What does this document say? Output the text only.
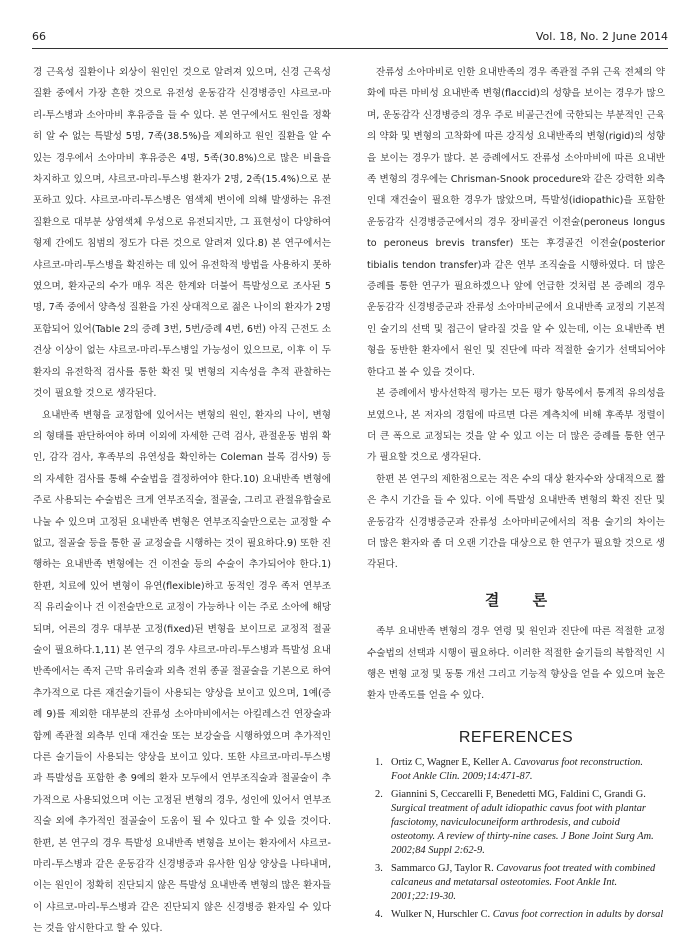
66	Vol. 18, No. 2 June 2014

경 근육성 질환이나 외상이 원인인 것으로 알려져 있으며, 신경 근육성 질환 중에서 가장 흔한 것으로 유전성 운동감각 신경병증인 샤르코-마리-투스병과 소아마비 후유증을 들 수 있다. 본 연구에서도 원인을 정확히 알 수 없는 특발성 5명, 7족(38.5%)을 제외하고 원인 질환을 알 수 있는 경우에서 소아마비 후유증은 4명, 5족(30.8%)으로 많은 비율을 차지하고 있으며, 샤르코-마리-투스병 환자가 2명, 2족(15.4%)으로 분포하고 있다. 샤르코-마리-투스병은 염색체 변이에 의해 발생하는 유전 질환으로 대부분 상염색체 우성으로 유전되지만, 그 표현성이 다양하여 형제 간에도 침범의 정도가 다른 것으로 알려져 있다.8) 본 연구에서는 샤르코-마리-투스병을 확진하는 데 있어 유전학적 방법을 사용하지 못하였으며, 환자군의 수가 매우 적은 한계와 더불어 특발성으로 조사된 5명, 7족 중에서 양측성 질환을 가진 상대적으로 젊은 나이의 환자가 2명 포함되어 있어(Table 2의 증례 3번, 5번/증례 4번, 6번) 아직 근전도 소견상 이상이 없는 샤르코-마리-투스병일 가능성이 있으므로, 이후 이 두 환자의 유전학적 검사를 통한 확진 및 변형의 지속성을 추적 관찰하는 것이 필요할 것으로 생각된다.

요내반족 변형을 교정함에 있어서는 변형의 원인, 환자의 나이, 변형의 형태를 판단하여야 하며 이외에 자세한 근력 검사, 관절운동 범위 확인, 감각 검사, 후족부의 유연성을 확인하는 Coleman 블록 검사9) 등의 자세한 검사를 통해 수술법을 결정하여야 한다.10) 요내반족 변형에 주로 사용되는 수술법은 크게 연부조직술, 절골술, 그리고 관절유합술로 나눌 수 있으며 고정된 요내반족 변형은 연부조직술만으로는 교정할 수 없고, 절골술 등을 통한 골 교정술을 시행하는 것이 필요하다.9) 또한 진행하는 요내반족 변형에는 건 이전술 등의 수술이 추가되어야 한다.1) 한편, 치료에 있어 변형이 유연(flexible)하고 동적인 경우 족저 연부조직 유리술이나 건 이전술만으로 교정이 가능하나 이는 주로 소아에 해당되며, 어른의 경우 대부분 고정(fixed)된 변형을 보이므로 교정적 절골술이 필요하다.1,11) 본 연구의 경우 샤르코-마리-투스병과 특발성 요내반족에서는 족저 근막 유리술과 외측 전위 종골 절골술을 기본으로 하여 추가적으로 다른 재건술기들이 사용되는 양상을 보이고 있으며, 1예(증례 9)를 제외한 대부분의 잔류성 소아마비에서는 아킬레스건 연장술과 함께 족관절 외측부 인대 재건술 또는 보강술을 시행하였으며 추가적인 다른 술기들이 사용되는 양상을 보이고 있다. 또한 샤르코-마리-투스병과 특발성을 포함한 총 9예의 환자 모두에서 연부조직술과 절골술이 추가적으로 사용되었으며 이는 고정된 변형의 경우, 성인에 있어서 연부조직술 외에 추가적인 절골술이 도움이 될 수 있다고 할 수 있을 것이다. 한편, 본 연구의 경우 특발성 요내반족 변형을 보이는 환자에서 샤르코-마리-투스병과 같은 운동감각 신경병증과 유사한 임상 양상을 나타내며, 이는 원인이 정확히 진단되지 않은 특발성 요내반족 변형의 많은 환자들이 샤르코-마리-투스병과 같은 진단되지 않은 신경병증 환자일 수 있다는 것을 암시한다고 할 수 있다.

잔류성 소아마비로 인한 요내반족의 경우 족관절 주위 근육 전체의 약화에 따른 마비성 요내반족 변형(flaccid)의 성향을 보이는 경우가 많으며, 운동감각 신경병증의 경우 주로 비골근건에 국한되는 부분적인 근육의 약화 및 변형의 고착화에 따른 강직성 요내반족의 변형(rigid)의 성향을 보이는 경우가 많다. 본 증례에서도 잔류성 소아마비에 따른 요내반족 변형의 경우에는 Chrisman-Snook procedure와 같은 강력한 외측 인대 재건술이 필요한 경우가 많았으며, 특발성(idiopathic)을 포함한 운동감각 신경병증군에서의 경우 장비골건 이전술(peroneus longus to peroneus brevis transfer) 또는 후경골건 이전술(posterior tibialis tendon transfer)과 같은 연부 조직술을 시행하였다. 더 많은 증례를 통한 연구가 필요하겠으나 앞에 언급한 것처럼 본 증례의 경우 운동감각 신경병증군과 잔류성 소아마비군에서 요내반족 교정의 기본적인 술기의 선택 및 접근이 달라질 것을 알 수 있는데, 이는 요내반족 변형을 동반한 환자에서 원인 및 진단에 따라 적절한 술기가 선택되어야 한다고 볼 수 있을 것이다.

본 증례에서 방사선학적 평가는 모든 평가 항목에서 통계적 유의성을 보였으나, 본 저자의 경험에 따르면 다른 계측치에 비해 후족부 정렬이 더 큰 폭으로 교정되는 것을 알 수 있고 이는 더 많은 증례를 통한 연구가 필요할 것으로 생각된다.

한편 본 연구의 제한점으로는 적은 수의 대상 환자수와 상대적으로 짧은 추시 기간을 들 수 있다. 이에 특발성 요내반족 변형의 확진 진단 및 운동감각 신경병증군과 잔류성 소아마비군에서의 적용 술기의 차이는 더 많은 환자와 좀 더 오랜 기간을 대상으로 한 연구가 필요할 것으로 생각된다.

결 론

족부 요내반족 변형의 경우 연령 및 원인과 진단에 따른 적절한 교정 수술법의 선택과 시행이 필요하다. 이러한 적절한 술기들의 복합적인 시행은 변형 교정 및 동통 개선 그리고 기능적 향상을 얻을 수 있으며 높은 환자 만족도를 얻을 수 있다.

REFERENCES
1. Ortiz C, Wagner E, Keller A. Cavovarus foot reconstruction. Foot Ankle Clin. 2009;14:471-87.
2. Giannini S, Ceccarelli F, Benedetti MG, Faldini C, Grandi G. Surgical treatment of adult idiopathic cavus foot with plantar fasciotomy, naviculocuneiform arthrodesis, and cuboid osteotomy. A review of thirty-nine cases. J Bone Joint Surg Am. 2002;84 Suppl 2:62-9.
3. Sammarco GJ, Taylor R. Cavovarus foot treated with combined calcaneus and metatarsal osteotomies. Foot Ankle Int. 2001;22:19-30.
4. Wulker N, Hurschler C. Cavus foot correction in adults by dorsal
